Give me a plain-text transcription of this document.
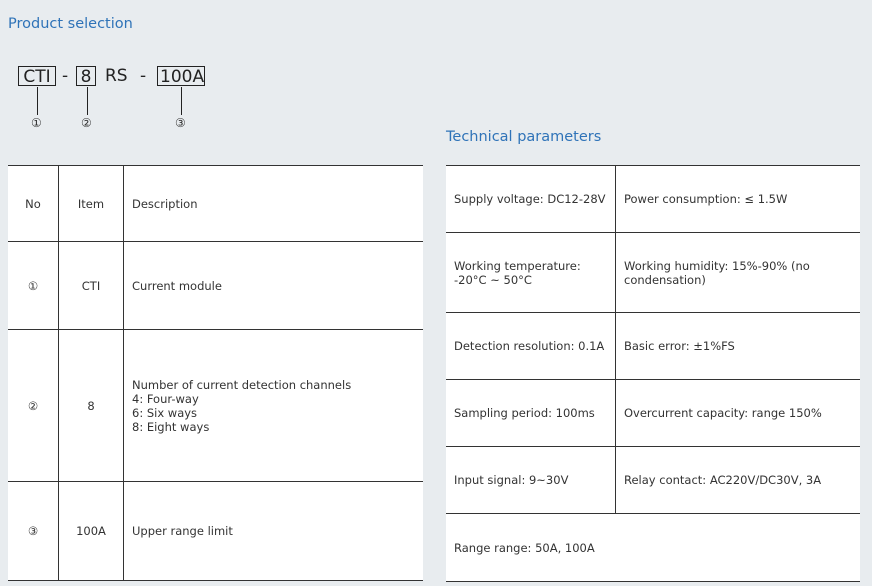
Product selection
CTI - 8 RS - 100A
①	②	③
No	Item	Description
①	CTI	Current module

②	8	Number of current detection channels
4: Four-way
6: Six ways
8: Eight ways

③	100A	Upper range limit
Technical parameters
Supply voltage: DC12-28V	Power consumption: ≤ 1.5W
Working temperature: -20°C ~ 50°C	Working humidity: 15%-90% (no condensation)
Detection resolution: 0.1A	Basic error: ±1%FS
Sampling period: 100ms	Overcurrent capacity: range 150%
Input signal: 9~30V	Relay contact: AC220V/DC30V, 3A
Range range: 50A, 100A	
